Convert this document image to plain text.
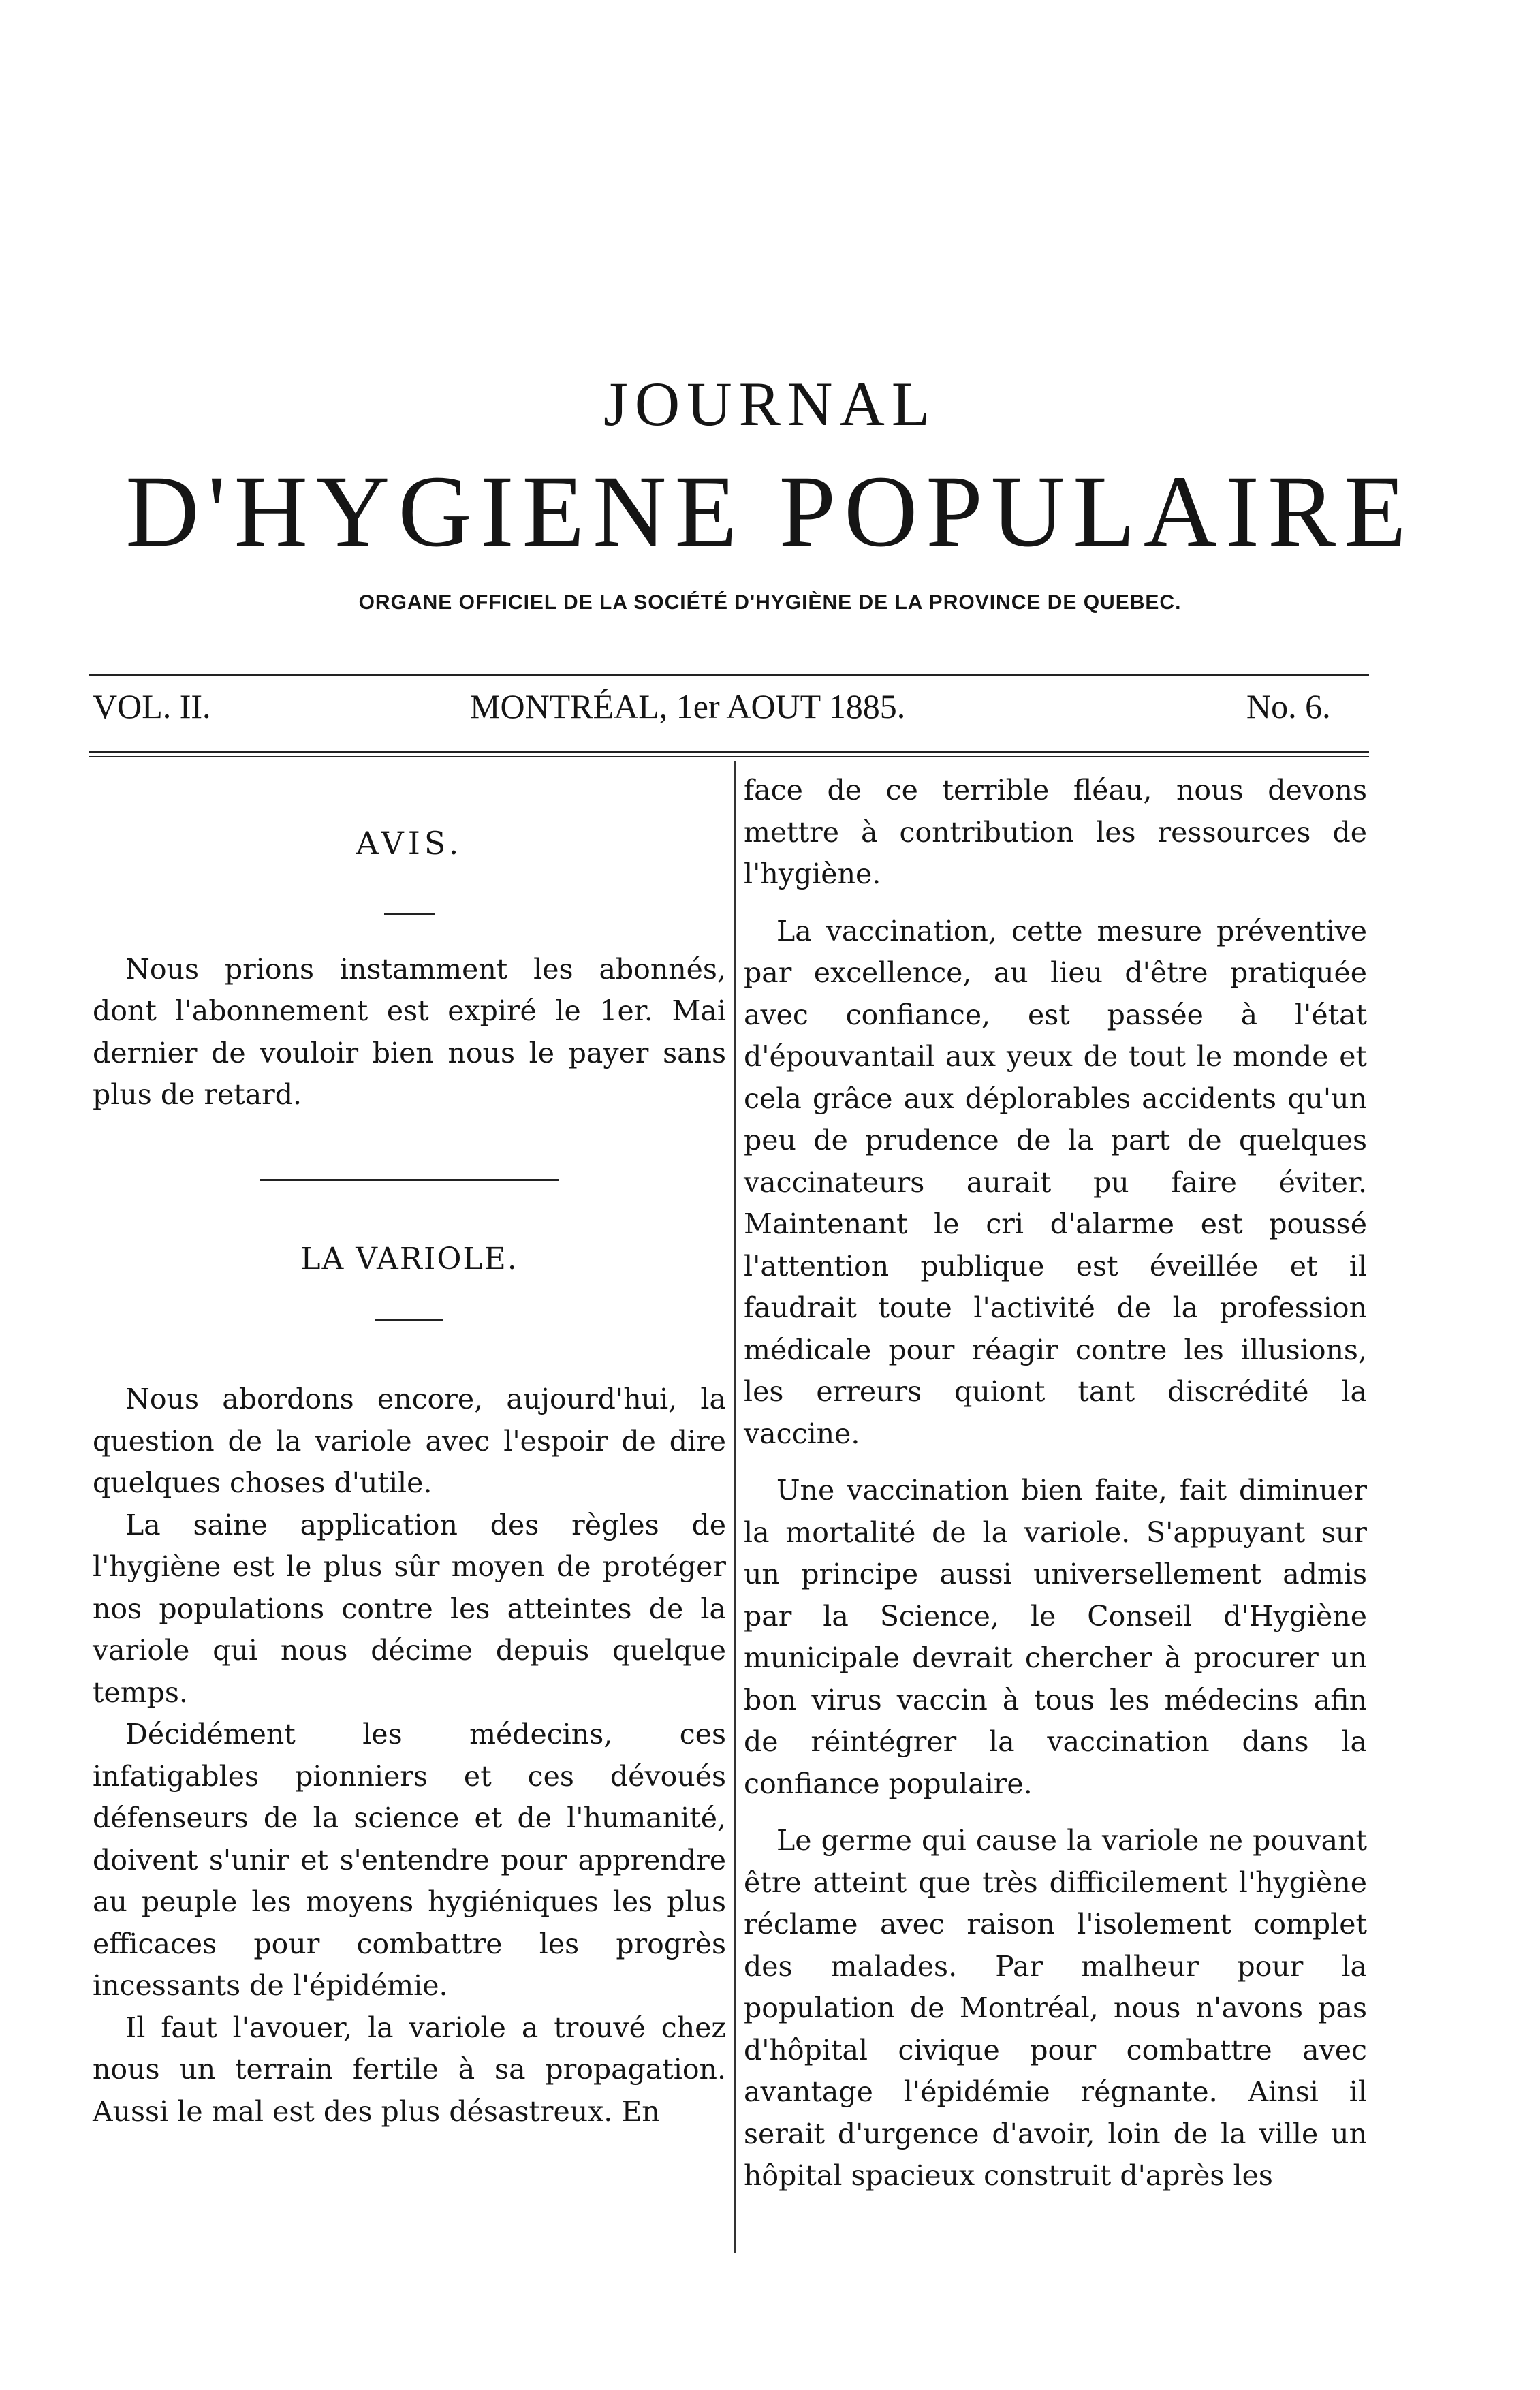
JOURNAL
D'HYGIENE POPULAIRE
ORGANE OFFICIEL DE LA SOCIÉTÉ D'HYGIÈNE DE LA PROVINCE DE QUEBEC.
VOL. II.	MONTRÉAL, 1er AOUT 1885.	No. 6.
AVIS.

Nous prions instamment les abonnés, dont l'abonnement est expiré le 1er. Mai dernier de vouloir bien nous le payer sans plus de retard.

LA VARIOLE.

Nous abordons encore, aujourd'hui, la question de la variole avec l'espoir de dire quelques choses d'utile.

La saine application des règles de l'hygiène est le plus sûr moyen de protéger nos populations contre les atteintes de la variole qui nous décime depuis quelque temps.

Décidément les médecins, ces infatigables pionniers et ces dévoués défenseurs de la science et de l'humanité, doivent s'unir et s'entendre pour apprendre au peuple les moyens hygiéniques les plus efficaces pour combattre les progrès incessants de l'épidémie.

Il faut l'avouer, la variole a trouvé chez nous un terrain fertile à sa propagation. Aussi le mal est des plus désastreux. En

face de ce terrible fléau, nous devons mettre à contribution les ressources de l'hygiène.

La vaccination, cette mesure préventive par excellence, au lieu d'être pratiquée avec confiance, est passée à l'état d'épouvantail aux yeux de tout le monde et cela grâce aux déplorables accidents qu'un peu de prudence de la part de quelques vaccinateurs aurait pu faire éviter. Maintenant le cri d'alarme est poussé l'attention publique est éveillée et il faudrait toute l'activité de la profession médicale pour réagir contre les illusions, les erreurs quiont tant discrédité la vaccine.

Une vaccination bien faite, fait diminuer la mortalité de la variole. S'appuyant sur un principe aussi universellement admis par la Science, le Conseil d'Hygiène municipale devrait chercher à procurer un bon virus vaccin à tous les médecins afin de réintégrer la vaccination dans la confiance populaire.

Le germe qui cause la variole ne pouvant être atteint que très difficilement l'hygiène réclame avec raison l'isolement complet des malades. Par malheur pour la population de Montréal, nous n'avons pas d'hôpital civique pour combattre avec avantage l'épidémie régnante. Ainsi il serait d'urgence d'avoir, loin de la ville un hôpital spacieux construit d'après les
